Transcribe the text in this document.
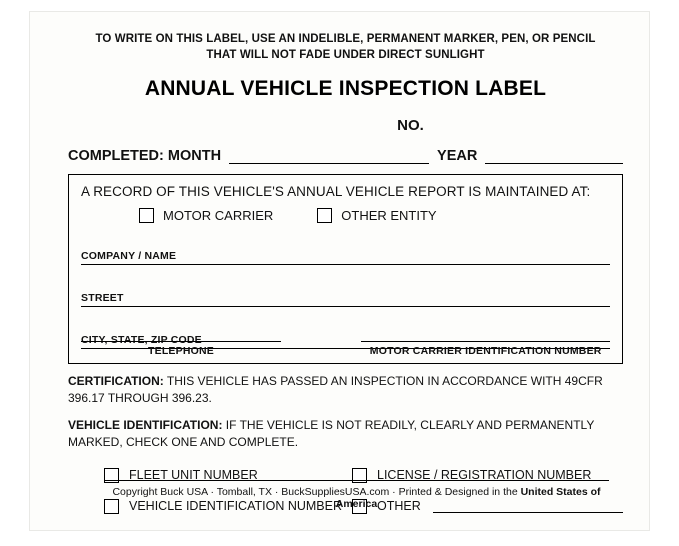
TO WRITE ON THIS LABEL, USE AN INDELIBLE, PERMANENT MARKER, PEN, OR PENCIL
THAT WILL NOT FADE UNDER DIRECT SUNLIGHT
ANNUAL VEHICLE INSPECTION LABEL
NO.
COMPLETED: MONTH	YEAR
A RECORD OF THIS VEHICLE'S ANNUAL VEHICLE REPORT IS MAINTAINED AT:
MOTOR CARRIER	OTHER ENTITY
COMPANY / NAME
STREET
CITY, STATE, ZIP CODE
TELEPHONE	MOTOR CARRIER IDENTIFICATION NUMBER
CERTIFICATION: THIS VEHICLE HAS PASSED AN INSPECTION IN ACCORDANCE WITH 49CFR 396.17 THROUGH 396.23.
VEHICLE IDENTIFICATION: IF THE VEHICLE IS NOT READILY, CLEARLY AND PERMANENTLY MARKED, CHECK ONE AND COMPLETE.
FLEET UNIT NUMBER	LICENSE / REGISTRATION NUMBER
VEHICLE IDENTIFICATION NUMBER	OTHER
Copyright Buck USA · Tomball, TX · BuckSuppliesUSA.com · Printed & Designed in the United States of America
